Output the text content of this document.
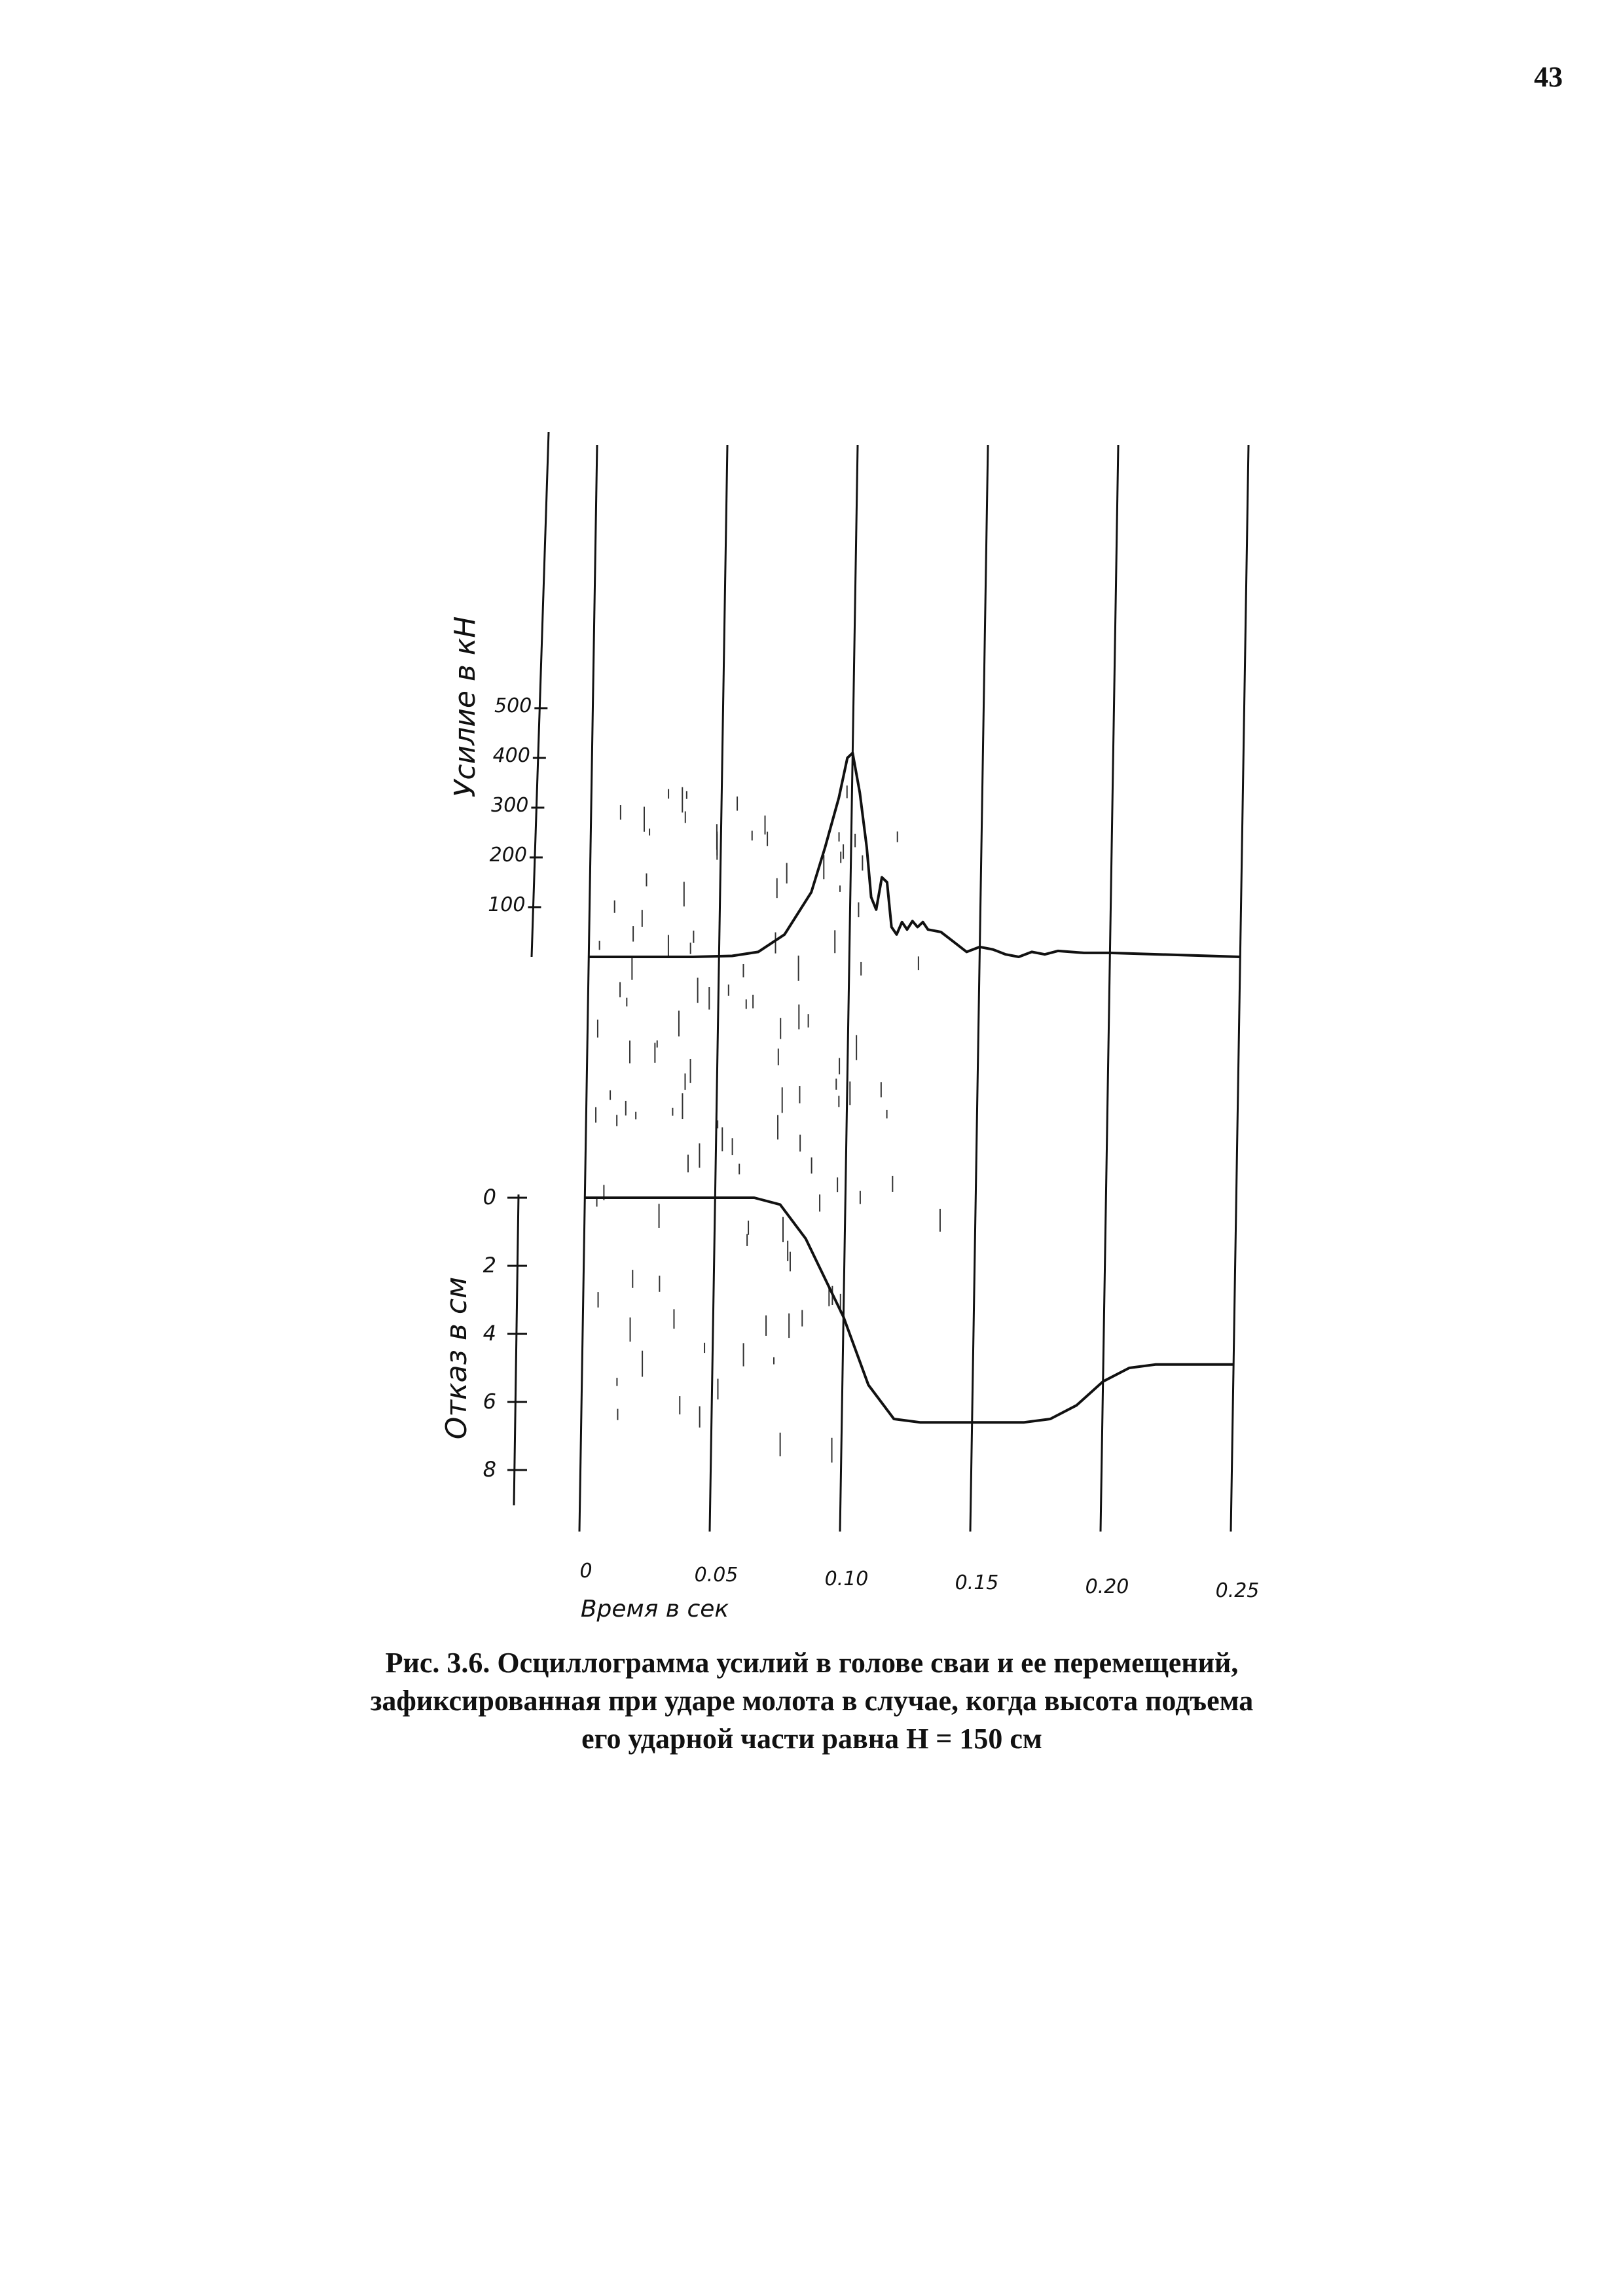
43
100
200
300
400
500
Усилие в кН
0
2
4
6
8
Отказ в см
0	0.05	0.10	0.15	0.20	0.25
Время в сек
Рис. 3.6. Осциллограмма усилий в голове сваи и ее перемещений,
зафиксированная при ударе молота в случае, когда высота подъема
его ударной части равна Н = 150 см
